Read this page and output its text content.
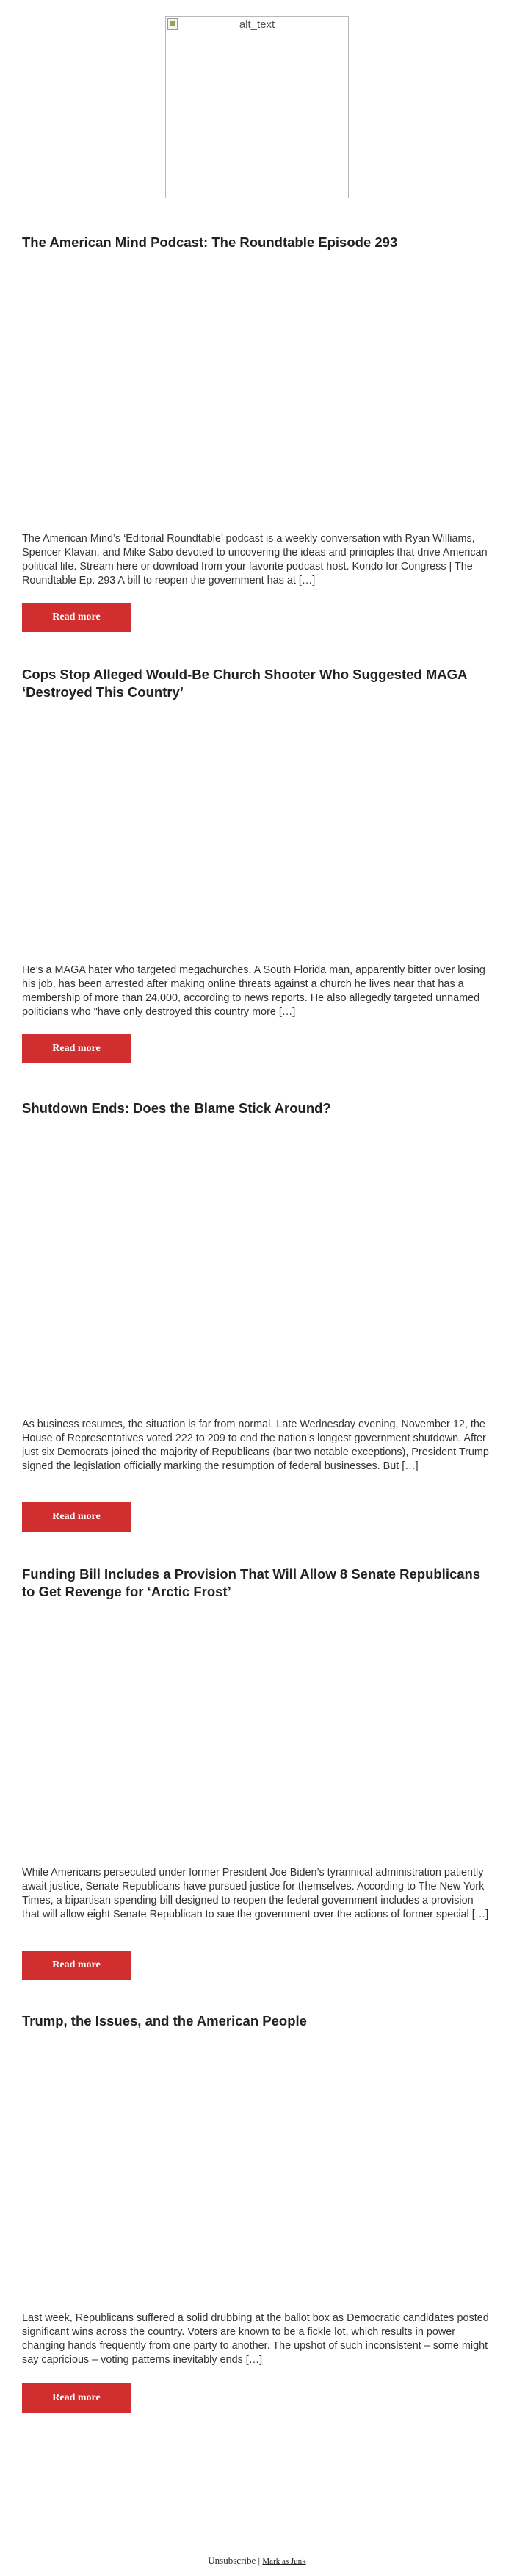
alt_text
The American Mind Podcast: The Roundtable Episode 293

The American Mind’s ‘Editorial Roundtable’ podcast is a weekly conversation with Ryan Williams, Spencer Klavan, and Mike Sabo devoted to uncovering the ideas and principles that drive American political life. Stream here or download from your favorite podcast host. Kondo for Congress | The Roundtable Ep. 293 A bill to reopen the government has at […]

Read more
Cops Stop Alleged Would-Be Church Shooter Who Suggested MAGA ‘Destroyed This Country’

He’s a MAGA hater who targeted megachurches. A South Florida man, apparently bitter over losing his job, has been arrested after making online threats against a church he lives near that has a membership of more than 24,000, according to news reports. He also allegedly targeted unnamed politicians who "have only destroyed this country more […]

Read more
Shutdown Ends: Does the Blame Stick Around?

As business resumes, the situation is far from normal. Late Wednesday evening, November 12, the House of Representatives voted 222 to 209 to end the nation’s longest government shutdown. After just six Democrats joined the majority of Republicans (bar two notable exceptions), President Trump signed the legislation officially marking the resumption of federal businesses. But […]

Read more
Funding Bill Includes a Provision That Will Allow 8 Senate Republicans to Get Revenge for ‘Arctic Frost’

While Americans persecuted under former President Joe Biden’s tyrannical administration patiently await justice, Senate Republicans have pursued justice for themselves. According to The New York Times, a bipartisan spending bill designed to reopen the federal government includes a provision that will allow eight Senate Republican to sue the government over the actions of former special […]

Read more
Trump, the Issues, and the American People

Last week, Republicans suffered a solid drubbing at the ballot box as Democratic candidates posted significant wins across the country. Voters are known to be a fickle lot, which results in power changing hands frequently from one party to another. The upshot of such inconsistent – some might say capricious – voting patterns inevitably ends […]

Read more
Unsubscribe | Mark as Junk
